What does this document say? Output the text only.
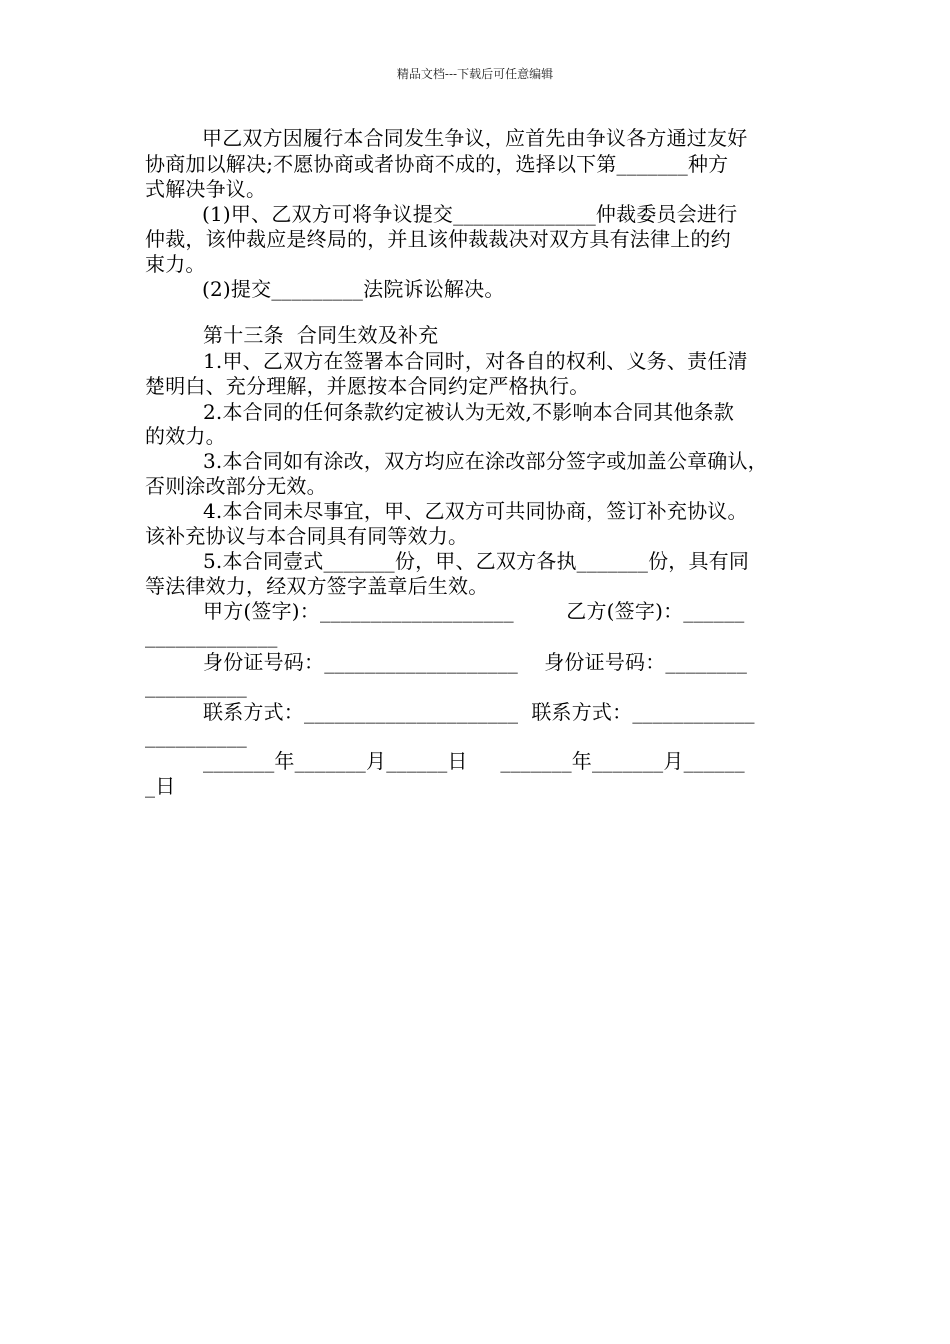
精品文档---下载后可任意编辑
甲乙双方因履行本合同发生争议，应首先由争议各方通过友好
协商加以解决;不愿协商或者协商不成的，选择以下第_______种方
式解决争议。
(1)甲、乙双方可将争议提交______________仲裁委员会进行
仲裁，该仲裁应是终局的，并且该仲裁裁决对双方具有法律上的约
束力。
(2)提交_________法院诉讼解决。
第十三条  合同生效及补充
1.甲、乙双方在签署本合同时，对各自的权利、义务、责任清
楚明白、充分理解，并愿按本合同约定严格执行。
2.本合同的任何条款约定被认为无效,不影响本合同其他条款
的效力。
3.本合同如有涂改，双方均应在涂改部分签字或加盖公章确认，
否则涂改部分无效。
4.本合同未尽事宜，甲、乙双方可共同协商，签订补充协议。
该补充协议与本合同具有同等效力。
5.本合同壹式_______份，甲、乙双方各执_______份，具有同
等法律效力，经双方签字盖章后生效。
甲方(签字)：___________________        乙方(签字)：______
_____________
身份证号码：___________________    身份证号码：________
__________
联系方式：_____________________  联系方式：____________
__________
_______年_______月______日     _______年_______月______
_日
